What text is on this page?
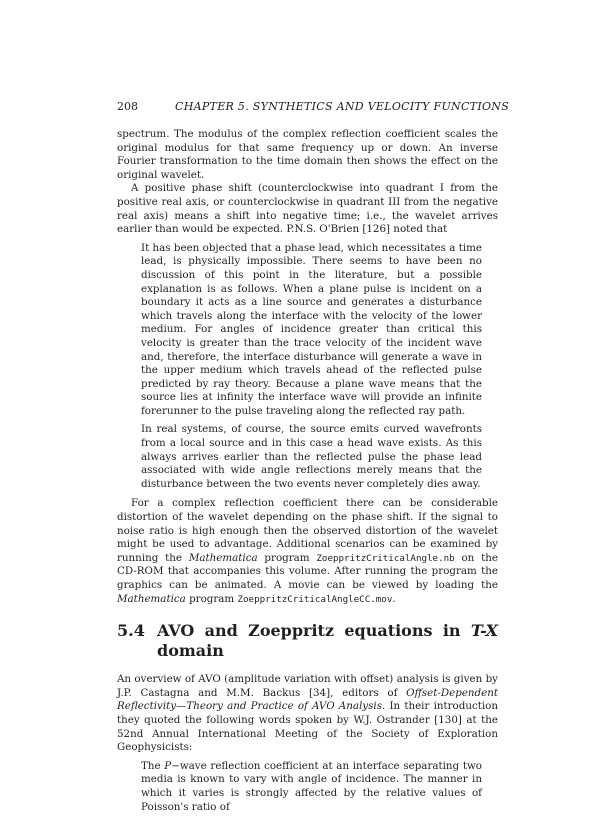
208	CHAPTER 5. SYNTHETICS AND VELOCITY FUNCTIONS

spectrum. The modulus of the complex reflection coefficient scales the original modulus for that same frequency up or down. An inverse Fourier transformation to the time domain then shows the effect on the original wavelet.

A positive phase shift (counterclockwise into quadrant I from the positive real axis, or counterclockwise in quadrant III from the negative real axis) means a shift into negative time; i.e., the wavelet arrives earlier than would be expected. P.N.S. O'Brien [126] noted that

It has been objected that a phase lead, which necessitates a time lead, is physically impossible. There seems to have been no discussion of this point in the literature, but a possible explanation is as follows. When a plane pulse is incident on a boundary it acts as a line source and generates a disturbance which travels along the interface with the velocity of the lower medium. For angles of incidence greater than critical this velocity is greater than the trace velocity of the incident wave and, therefore, the interface disturbance will generate a wave in the upper medium which travels ahead of the reflected pulse predicted by ray theory. Because a plane wave means that the source lies at infinity the interface wave will provide an infinite forerunner to the pulse traveling along the reflected ray path.

In real systems, of course, the source emits curved wavefronts from a local source and in this case a head wave exists. As this always arrives earlier than the reflected pulse the phase lead associated with wide angle reflections merely means that the disturbance between the two events never completely dies away.

For a complex reflection coefficient there can be considerable distortion of the wavelet depending on the phase shift. If the signal to noise ratio is high enough then the observed distortion of the wavelet might be used to advantage. Additional scenarios can be examined by running the Mathematica program ZoeppritzCriticalAngle.nb on the CD-ROM that accompanies this volume. After running the program the graphics can be animated. A movie can be viewed by loading the Mathematica program ZoeppritzCriticalAngleCC.mov.

5.4 AVO and Zoeppritz equations in T-X domain

An overview of AVO (amplitude variation with offset) analysis is given by J.P. Castagna and M.M. Backus [34], editors of Offset-Dependent Reflectivity—Theory and Practice of AVO Analysis. In their introduction they quoted the following words spoken by W.J. Ostrander [130] at the 52nd Annual International Meeting of the Society of Exploration Geophysicists:

The P−wave reflection coefficient at an interface separating two media is known to vary with angle of incidence. The manner in which it varies is strongly affected by the relative values of Poisson's ratio of
